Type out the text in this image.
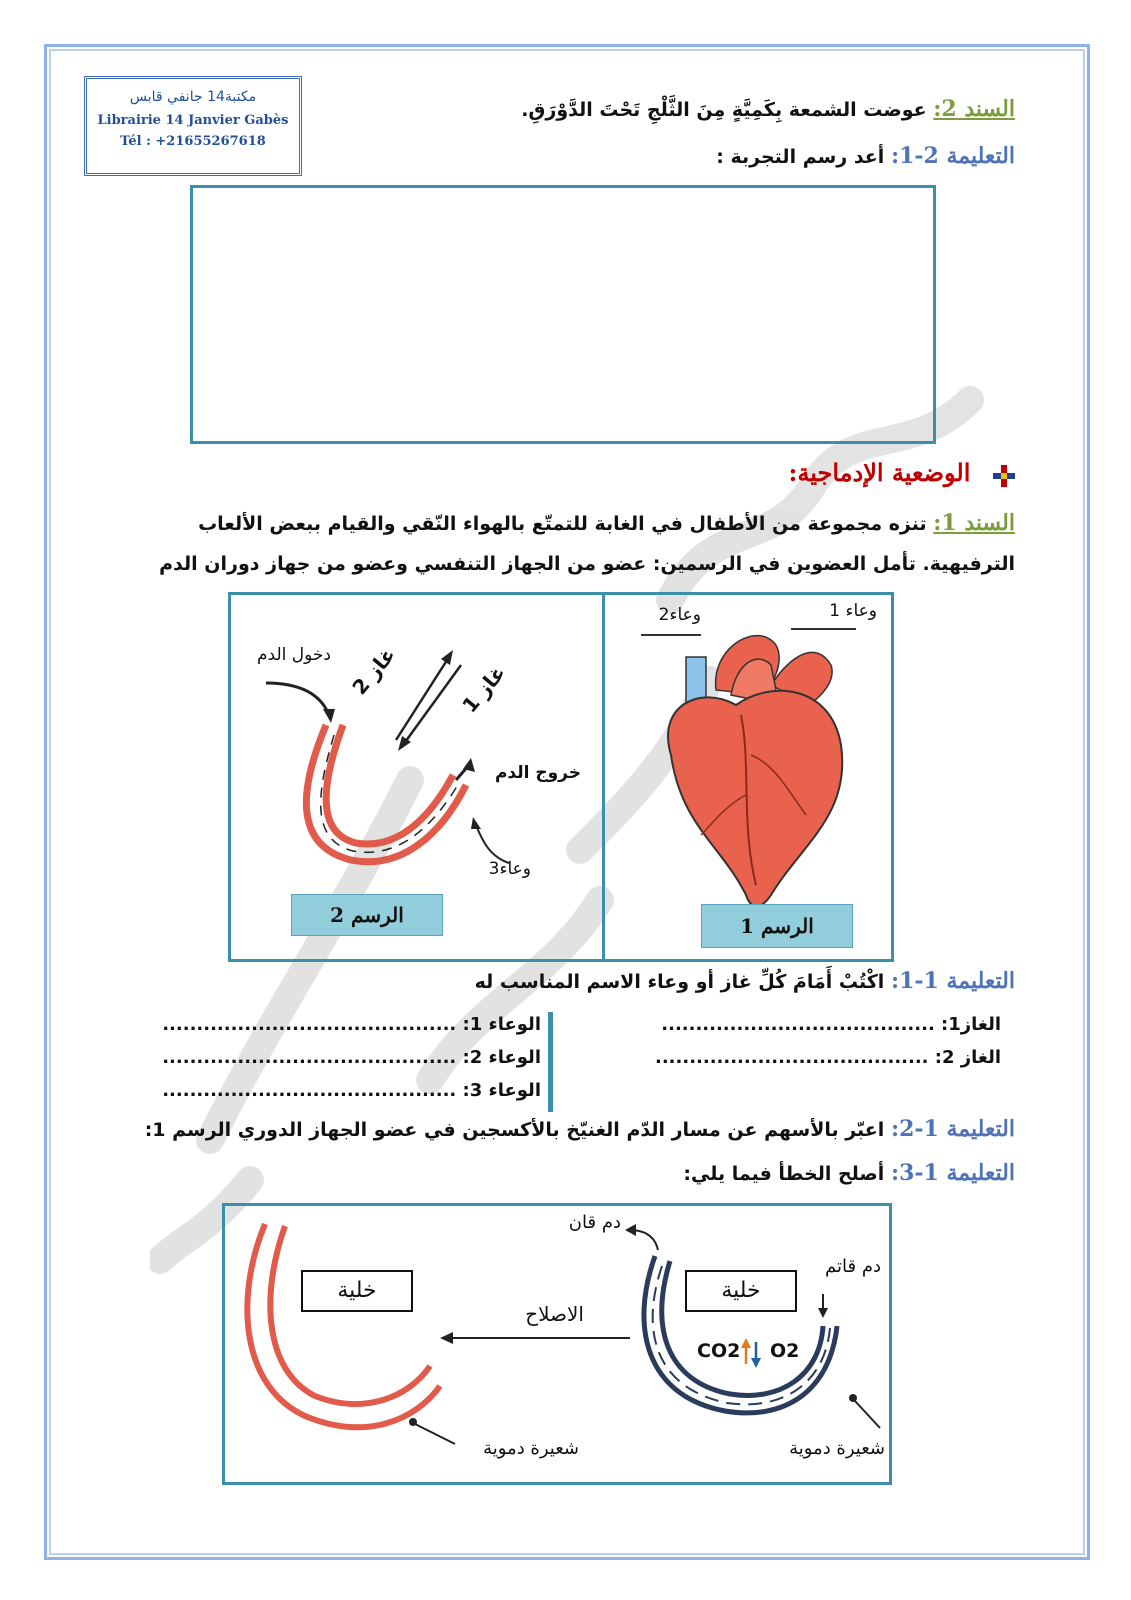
مكتبة14 جانفي قابس
Librairie 14 Janvier Gabès
Tél : +21655267618
السند 2: عوضت الشمعة بِكَمِيَّةٍ مِنَ الثَّلْجِ تَحْتَ الدَّوْرَقِ.
التعليمة 2-1: أعد رسم التجربة :
الوضعية الإدماجية:
السند 1: تنزه مجموعة من الأطفال في الغابة للتمتّع بالهواء النّقي والقيام ببعض الألعاب
الترفيهية. تأمل العضوين في الرسمين: عضو من الجهاز التنفسي وعضو من جهاز دوران الدم
دخول الدم
غاز 2
غاز 1
خروج الدم
وعاء3
الرسم 2
وعاء 1
وعاء2
الرسم 1
التعليمة 1-1: اكْتُبْ أَمَامَ كُلِّ غاز أو وعاء الاسم المناسب له
الغاز1: ........................................
الغاز 2: ........................................
الوعاء 1: ...........................................
الوعاء 2: ...........................................
الوعاء 3: ...........................................
التعليمة 1-2: اعبّر بالأسهم عن مسار الدّم الغنيّخ بالأكسجين في عضو الجهاز الدوري الرسم 1:
التعليمة 1-3: أصلح الخطأ فيما يلي:
خلية	خلية
الاصلاح
دم قاتم
دم قان
CO2 O2
شعيرة دموية	شعيرة دموية
